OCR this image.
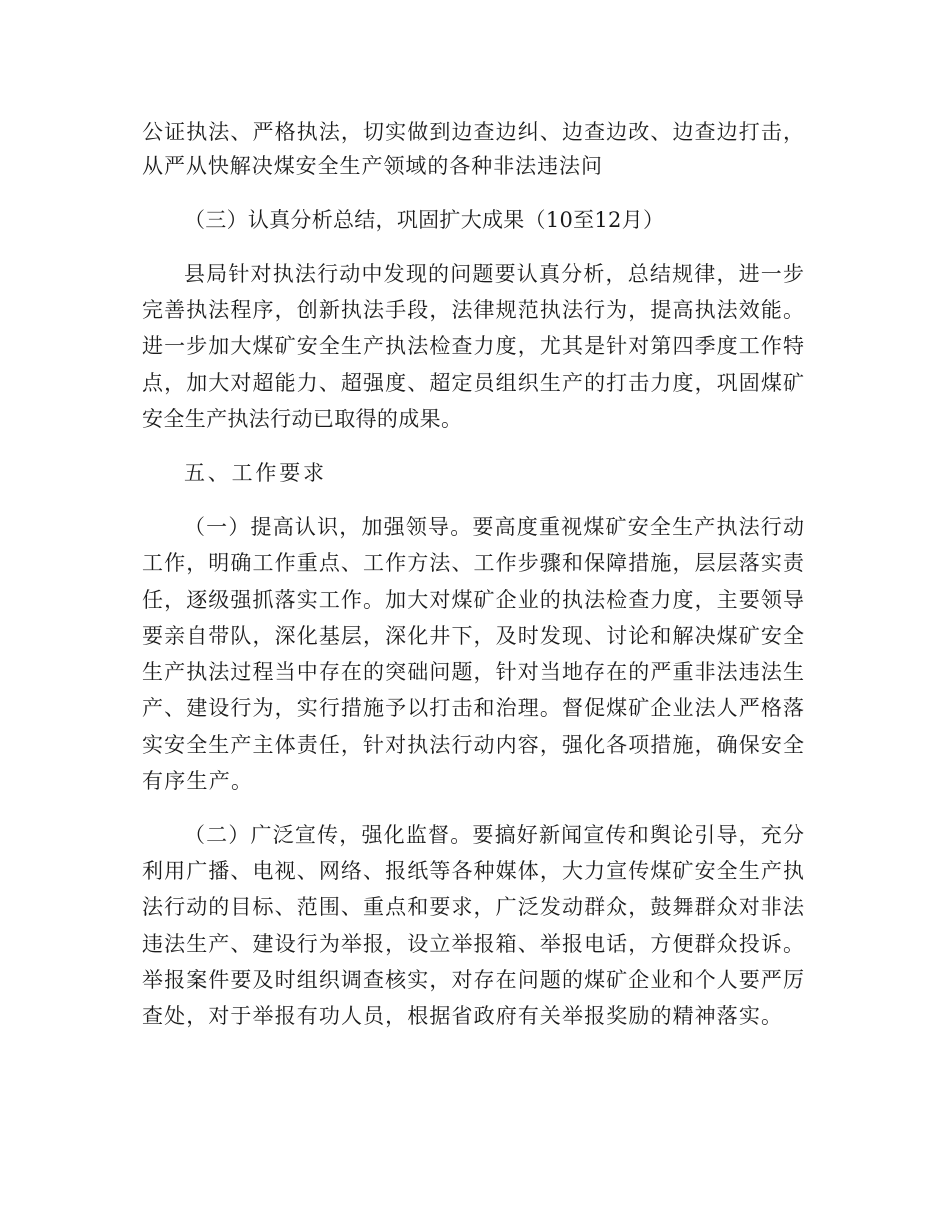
公证执法、严格执法，切实做到边查边纠、边查边改、边查边打击，
从严从快解决煤安全生产领域的各种非法违法问
（三）认真分析总结，巩固扩大成果（10至12月）
县局针对执法行动中发现的问题要认真分析，总结规律，进一步
完善执法程序，创新执法手段，法律规范执法行为，提高执法效能。
进一步加大煤矿安全生产执法检查力度，尤其是针对第四季度工作特
点，加大对超能力、超强度、超定员组织生产的打击力度，巩固煤矿
安全生产执法行动已取得的成果。
五、工作要求
（一）提高认识，加强领导。要高度重视煤矿安全生产执法行动
工作，明确工作重点、工作方法、工作步骤和保障措施，层层落实责
任，逐级强抓落实工作。加大对煤矿企业的执法检查力度，主要领导
要亲自带队，深化基层，深化井下，及时发现、讨论和解决煤矿安全
生产执法过程当中存在的突础问题，针对当地存在的严重非法违法生
产、建设行为，实行措施予以打击和治理。督促煤矿企业法人严格落
实安全生产主体责任，针对执法行动内容，强化各项措施，确保安全
有序生产。
（二）广泛宣传，强化监督。要搞好新闻宣传和舆论引导，充分
利用广播、电视、网络、报纸等各种媒体，大力宣传煤矿安全生产执
法行动的目标、范围、重点和要求，广泛发动群众，鼓舞群众对非法
违法生产、建设行为举报，设立举报箱、举报电话，方便群众投诉。
举报案件要及时组织调查核实，对存在问题的煤矿企业和个人要严厉
查处，对于举报有功人员，根据省政府有关举报奖励的精神落实。
